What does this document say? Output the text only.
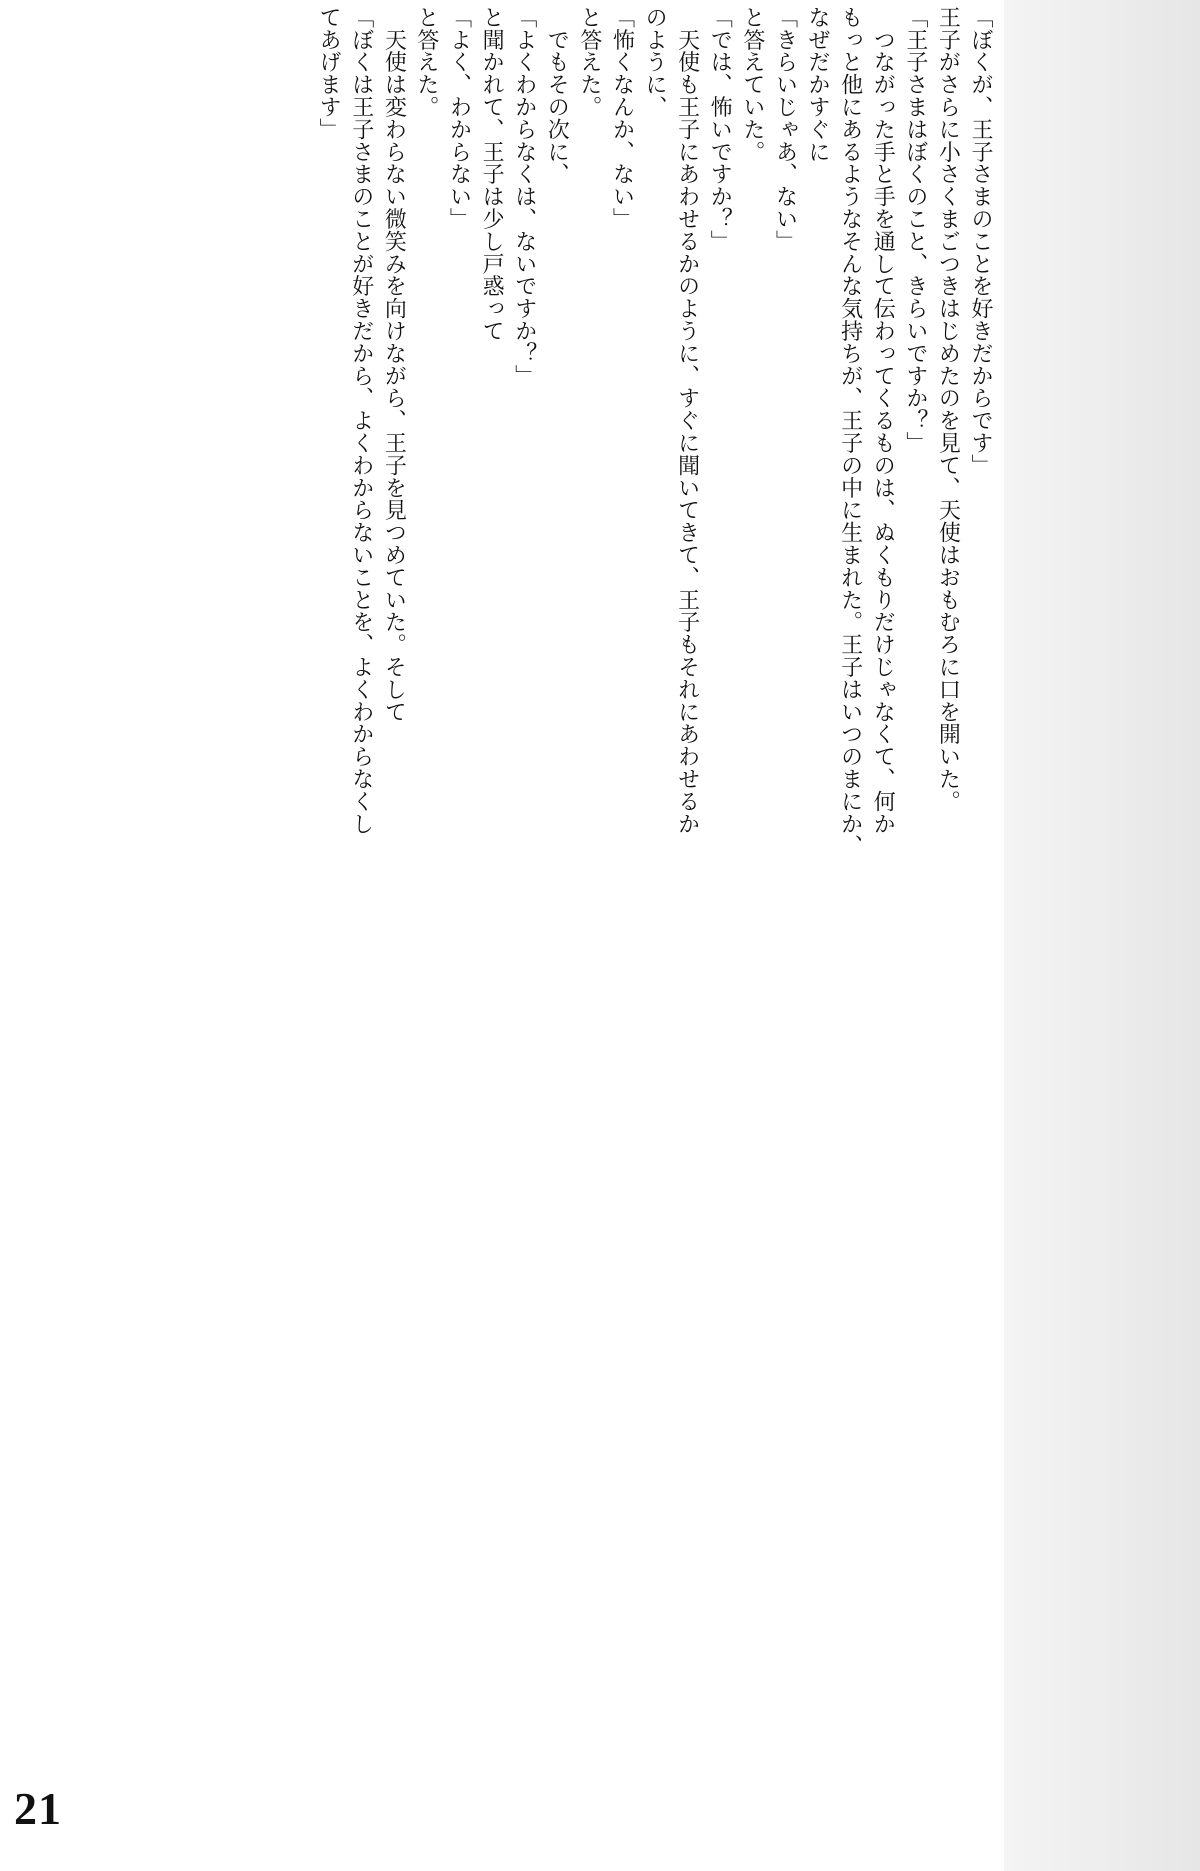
「ぼくが、王子さまのことを好きだからです」
王子がさらに小さくまごつきはじめたのを見て、天使はおもむろに口を開いた。
「王子さまはぼくのこと、きらいですか？」
　つながった手と手を通して伝わってくるものは、ぬくもりだけじゃなくて、何か
もっと他にあるようなそんな気持ちが、王子の中に生まれた。王子はいつのまにか、
なぜだかすぐに
「きらいじゃあ、ない」
と答えていた。
「では、怖いですか？」
　天使も王子にあわせるかのように、すぐに聞いてきて、王子もそれにあわせるか
のように、
「怖くなんか、ない」
と答えた。
　でもその次に、
「よくわからなくは、ないですか？」
と聞かれて、王子は少し戸惑って
「よく、わからない」
と答えた。
　天使は変わらない微笑みを向けながら、王子を見つめていた。そして
「ぼくは王子さまのことが好きだから、よくわからないことを、よくわからなくし
てあげます」
21
